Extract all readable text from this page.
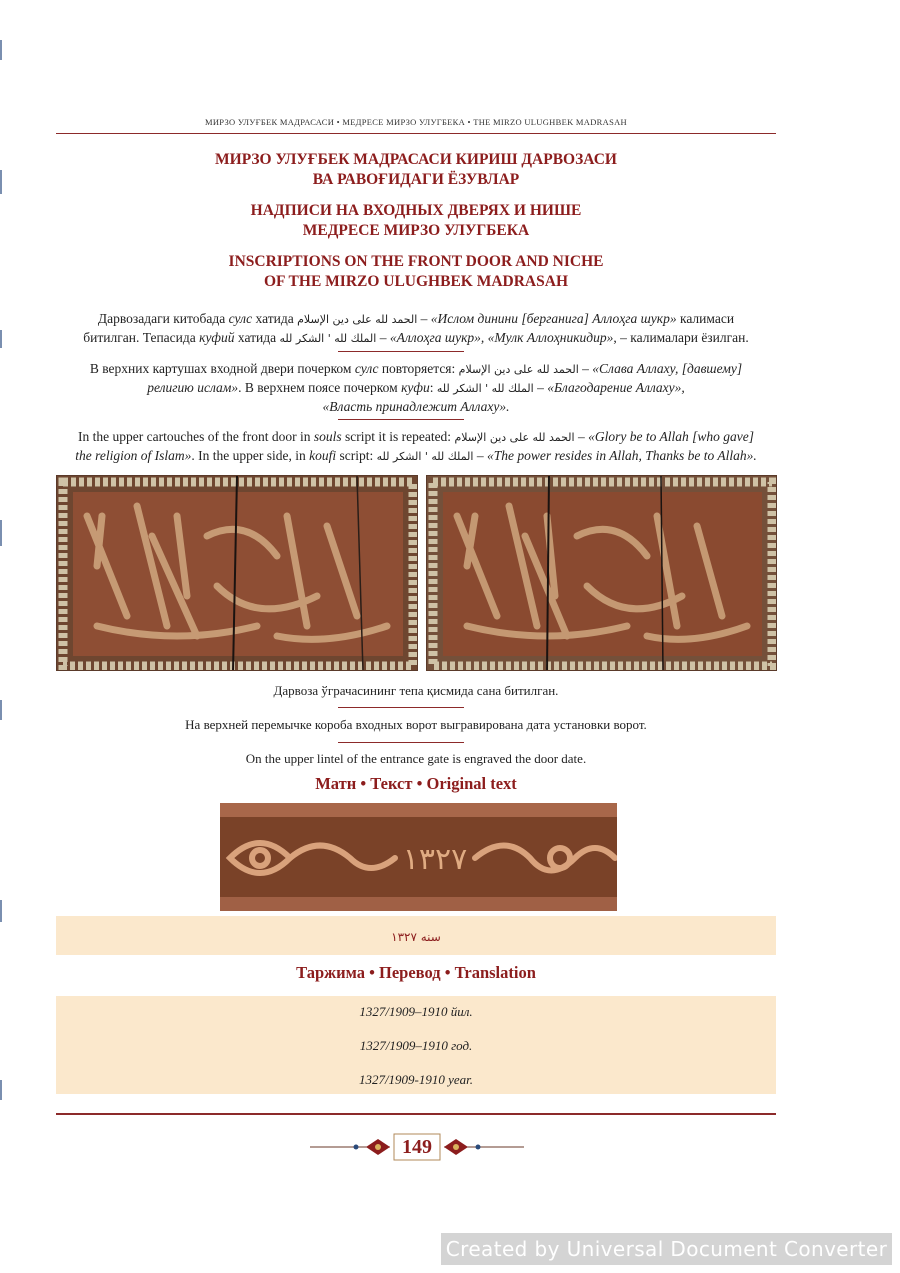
МИРЗО УЛУҒБЕК МАДРАСАСИ • МЕДРЕСЕ МИРЗО УЛУГБЕКА • THE MIRZO ULUGHBEK MADRASAH
МИРЗО УЛУҒБЕК МАДРАСАСИ КИРИШ ДАРВОЗАСИ
ВА РАВОҒИДАГИ ЁЗУВЛАР
НАДПИСИ НА ВХОДНЫХ ДВЕРЯХ И НИШЕ
МЕДРЕСЕ МИРЗО УЛУГБЕКА
INSCRIPTIONS ON THE FRONT DOOR AND NICHE
OF THE MIRZO ULUGHBEK MADRASAH
Дарвозадаги китобада сулс хатида الحمد لله على دين الإسلام – «Ислом динини [берганига] Аллоҳга шукр» калимаси
битилган. Тепасида куфий хатида الملك لله ' الشكر لله – «Аллоҳга шукр», «Мулк Аллоҳникидир», – калималари ёзилган.
В верхних картушах входной двери почерком сулс повторяется: الحمد لله على دين الإسلام – «Слава Аллаху, [давшему]
религию ислам». В верхнем поясе почерком куфи: الملك لله ' الشكر لله – «Благодарение Аллаху»,
«Власть принадлежит Аллаху».
In the upper cartouches of the front door in souls script it is repeated: الحمد لله على دين الإسلام – «Glory be to Allah [who gave]
the religion of Islam». In the upper side, in koufi script: الملك لله ' الشكر لله – «The power resides in Allah, Thanks be to Allah».
Дарвоза ўграчасининг тепа қисмида сана битилган.
На верхней перемычке короба входных ворот выгравирована дата установки ворот.
On the upper lintel of the entrance gate is engraved the door date.
Матн • Текст • Original text
١٣٢٧
سنه ۱۳۲۷
Таржима • Перевод • Translation
1327/1909–1910 йил.
1327/1909–1910 год.
1327/1909-1910 year.
149
Created by Universal Document Converter
